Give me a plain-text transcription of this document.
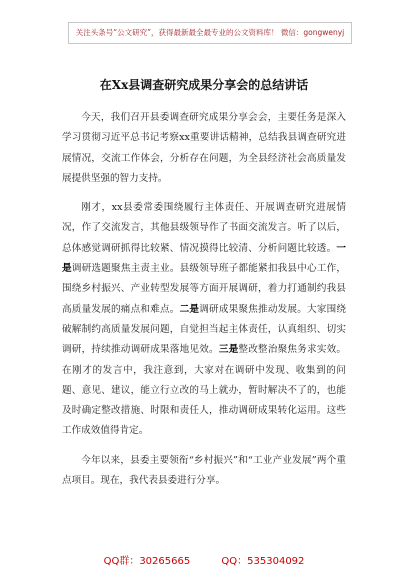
关注头条号“公文研究”，获得最新最全最专业的公文资料库！ 微信：gongwenyj
在Xx县调查研究成果分享会的总结讲话

今天，我们召开县委调查研究成果分享会会，主要任务是深入学习贯彻习近平总书记考察xx重要讲话精神，总结我县调查研究进展情况，交流工作体会，分析存在问题，为全县经济社会高质量发展提供坚强的智力支持。

刚才，xx县委常委围绕履行主体责任、开展调查研究进展情况，作了交流发言，其他县级领导作了书面交流发言。听了以后，总体感觉调研抓得比较紧、情况摸得比较清、分析问题比较透。一是调研选题聚焦主责主业。县级领导班子都能紧扣我县中心工作，围绕乡村振兴、产业转型发展等方面开展调研，着力打通制约我县高质量发展的痛点和难点。二是调研成果聚焦推动发展。大家围绕破解制约高质量发展问题，自觉担当起主体责任，认真组织、切实调研，持续推动调研成果落地见效。三是整改整治聚焦务求实效。在刚才的发言中，我注意到，大家对在调研中发现、收集到的问题、意见、建议，能立行立改的马上就办，暂时解决不了的，也能及时确定整改措施、时限和责任人，推动调研成果转化运用。这些工作成效值得肯定。

今年以来，县委主要领衔“乡村振兴”和“工业产业发展”两个重点项目。现在，我代表县委进行分享。

QQ群：30265665	QQ：535304092
